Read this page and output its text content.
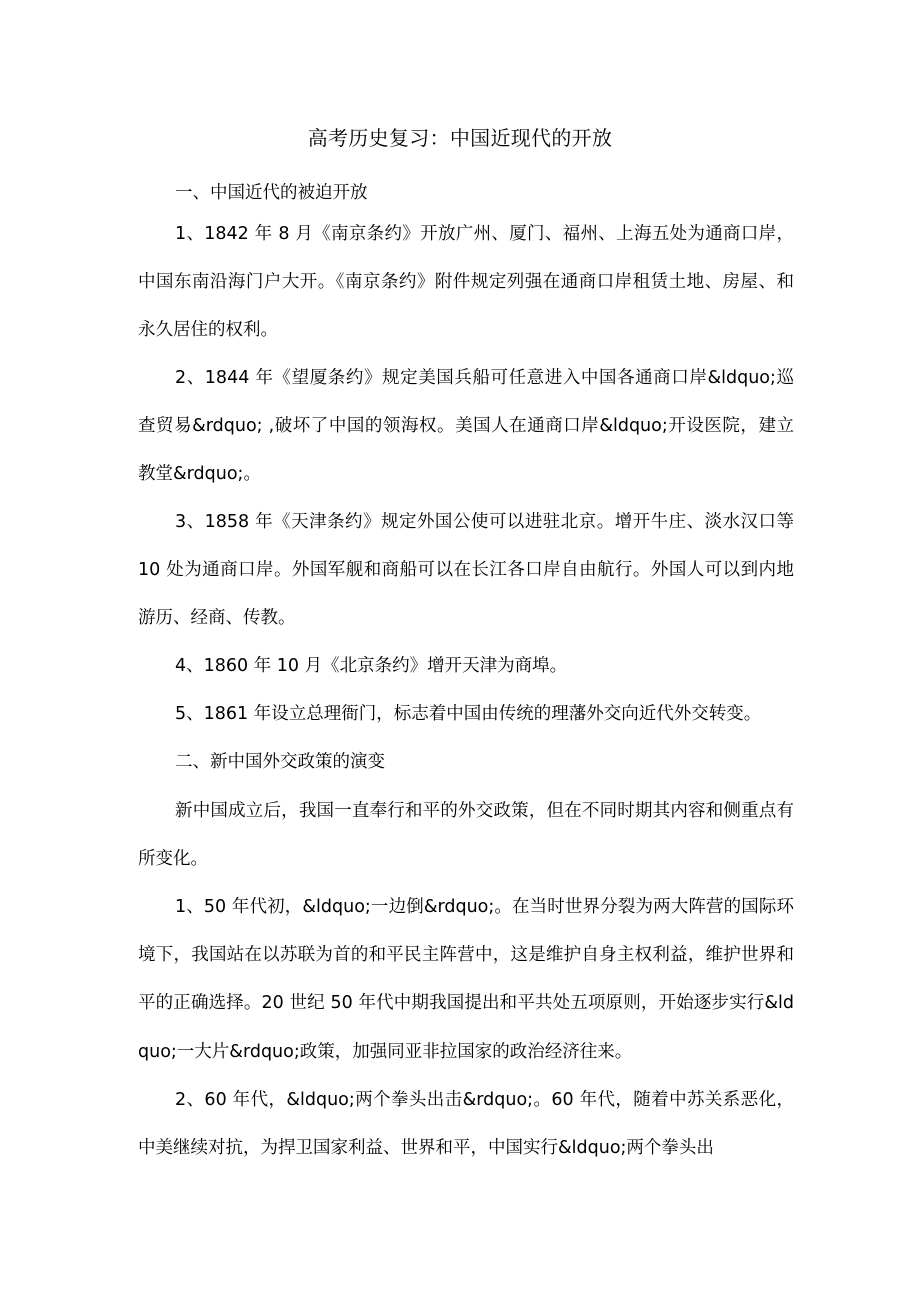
高考历史复习：中国近现代的开放

一、中国近代的被迫开放

1、1842 年 8 月《南京条约》开放广州、厦门、福州、上海五处为通商口岸，中国东南沿海门户大开。《南京条约》附件规定列强在通商口岸租赁土地、房屋、和永久居住的权利。

2、1844 年《望厦条约》规定美国兵船可任意进入中国各通商口岸&ldquo;巡查贸易&rdquo; ,破坏了中国的领海权。美国人在通商口岸&ldquo;开设医院，建立教堂&rdquo;。

3、1858 年《天津条约》规定外国公使可以进驻北京。增开牛庄、淡水汉口等 10 处为通商口岸。外国军舰和商船可以在长江各口岸自由航行。外国人可以到内地游历、经商、传教。

4、1860 年 10 月《北京条约》增开天津为商埠。

5、1861 年设立总理衙门，标志着中国由传统的理藩外交向近代外交转变。

二、新中国外交政策的演变

新中国成立后，我国一直奉行和平的外交政策，但在不同时期其内容和侧重点有所变化。

1、50 年代初，&ldquo;一边倒&rdquo;。在当时世界分裂为两大阵营的国际环境下，我国站在以苏联为首的和平民主阵营中，这是维护自身主权利益，维护世界和平的正确选择。20 世纪 50 年代中期我国提出和平共处五项原则，开始逐步实行&ldquo;一大片&rdquo;政策，加强同亚非拉国家的政治经济往来。

2、60 年代，&ldquo;两个拳头出击&rdquo;。60 年代，随着中苏关系恶化，中美继续对抗，为捍卫国家利益、世界和平，中国实行&ldquo;两个拳头出
